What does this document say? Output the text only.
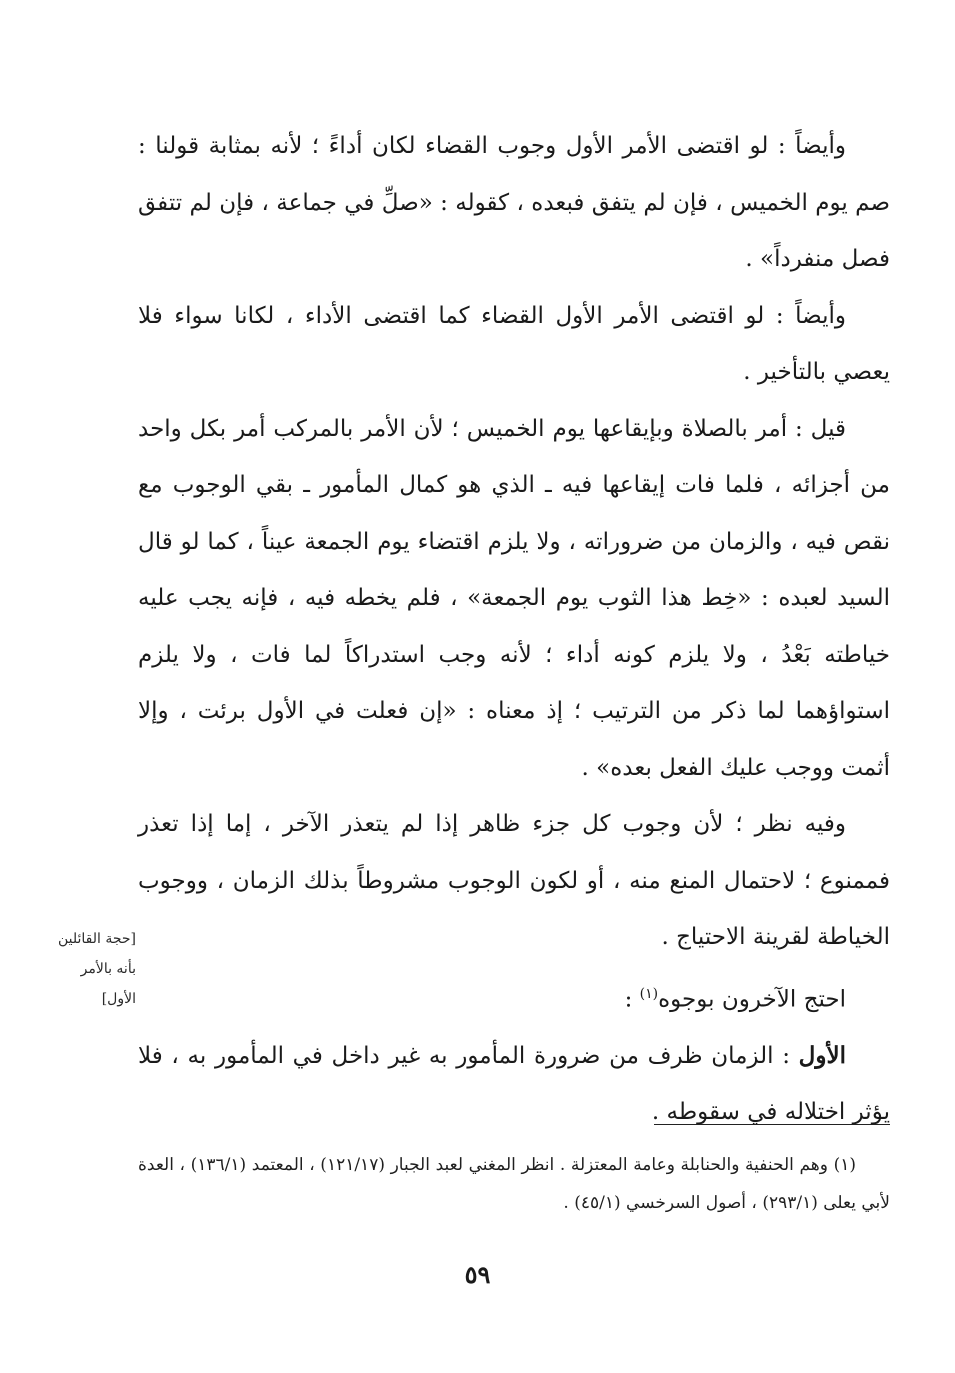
وأيضاً : لو اقتضى الأمر الأول وجوب القضاء لكان أداءً ؛ لأنه بمثابة قولنا : صم يوم الخميس ، فإن لم يتفق فبعده ، كقوله : «صلِّ في جماعة ، فإن لم تتفق فصل منفرداً» .

وأيضاً : لو اقتضى الأمر الأول القضاء كما اقتضى الأداء ، لكانا سواء فلا يعصي بالتأخير .

قيل : أمر بالصلاة وبإيقاعها يوم الخميس ؛ لأن الأمر بالمركب أمر بكل واحد من أجزائه ، فلما فات إيقاعها فيه ـ الذي هو كمال المأمور ـ بقي الوجوب مع نقص فيه ، والزمان من ضروراته ، ولا يلزم اقتضاء يوم الجمعة عيناً ، كما لو قال السيد لعبده : «خِط هذا الثوب يوم الجمعة» ، فلم يخطه فيه ، فإنه يجب عليه خياطته بَعْدُ ، ولا يلزم كونه أداء ؛ لأنه وجب استدراكاً لما فات ، ولا يلزم استواؤهما لما ذكر من الترتيب ؛ إذ معناه : «إن فعلت في الأول برئت ، وإلا أثمت ووجب عليك الفعل بعده» .

وفيه نظر ؛ لأن وجوب كل جزء ظاهر إذا لم يتعذر الآخر ، إما إذا تعذر فممنوع ؛ لاحتمال المنع منه ، أو لكون الوجوب مشروطاً بذلك الزمان ، ووجوب الخياطة لقرينة الاحتياج .

احتج الآخرون بوجوه$^{(١)}$ :

الأول : الزمان ظرف من ضرورة المأمور به غير داخل في المأمور به ، فلا يؤثر اختلاله في سقوطه .

[حجة القائلين
بأنه بالأمر
الأول]

(١) وهم الحنفية والحنابلة وعامة المعتزلة . انظر المغني لعبد الجبار (١٢١/١٧) ، المعتمد (١٣٦/١) ، العدة لأبي يعلى (٢٩٣/١) ، أصول السرخسي (٤٥/١) .

٥٩
